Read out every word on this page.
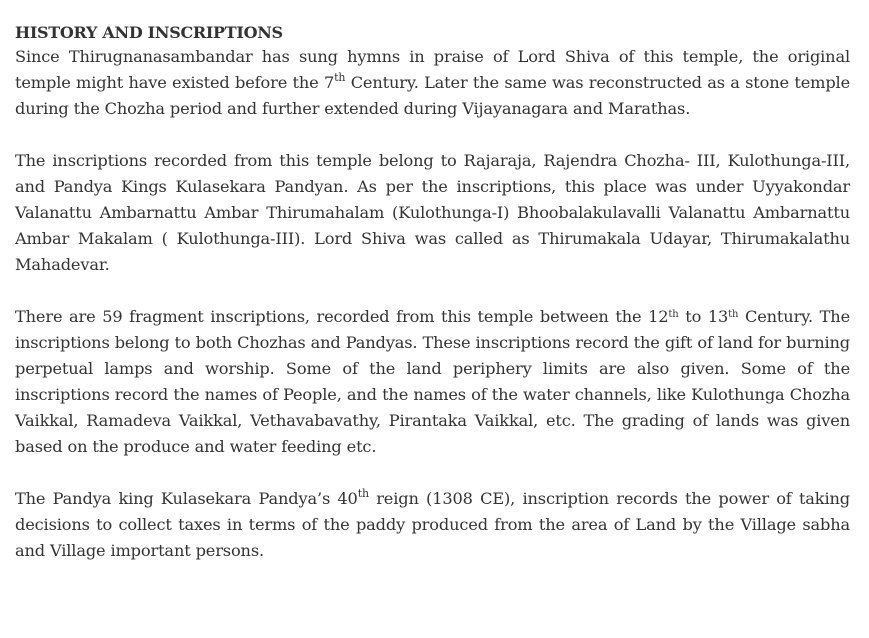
HISTORY AND INSCRIPTIONS

Since Thirugnanasambandar has sung hymns in praise of Lord Shiva of this temple, the original temple might have existed before the 7th Century. Later the same was reconstructed as a stone temple during the Chozha period and further extended during Vijayanagara and Marathas.

The inscriptions recorded from this temple belong to Rajaraja, Rajendra Chozha- III, Kulothunga-III, and Pandya Kings Kulasekara Pandyan. As per the inscriptions, this place was under Uyyakondar Valanattu Ambarnattu Ambar Thirumahalam (Kulothunga-I) Bhoobalakulavalli Valanattu Ambarnattu Ambar Makalam ( Kulothunga-III). Lord Shiva was called as Thirumakala Udayar, Thirumakalathu Mahadevar.

There are 59 fragment inscriptions, recorded from this temple between the 12th to 13th Century. The inscriptions belong to both Chozhas and Pandyas. These inscriptions record the gift of land for burning perpetual lamps and worship. Some of the land periphery limits are also given. Some of the inscriptions record the names of People, and the names of the water channels, like Kulothunga Chozha Vaikkal, Ramadeva Vaikkal, Vethavabavathy, Pirantaka Vaikkal, etc. The grading of lands was given based on the produce and water feeding etc.

The Pandya king Kulasekara Pandya’s 40th reign (1308 CE), inscription records the power of taking decisions to collect taxes in terms of the paddy produced from the area of Land by the Village sabha and Village important persons.
